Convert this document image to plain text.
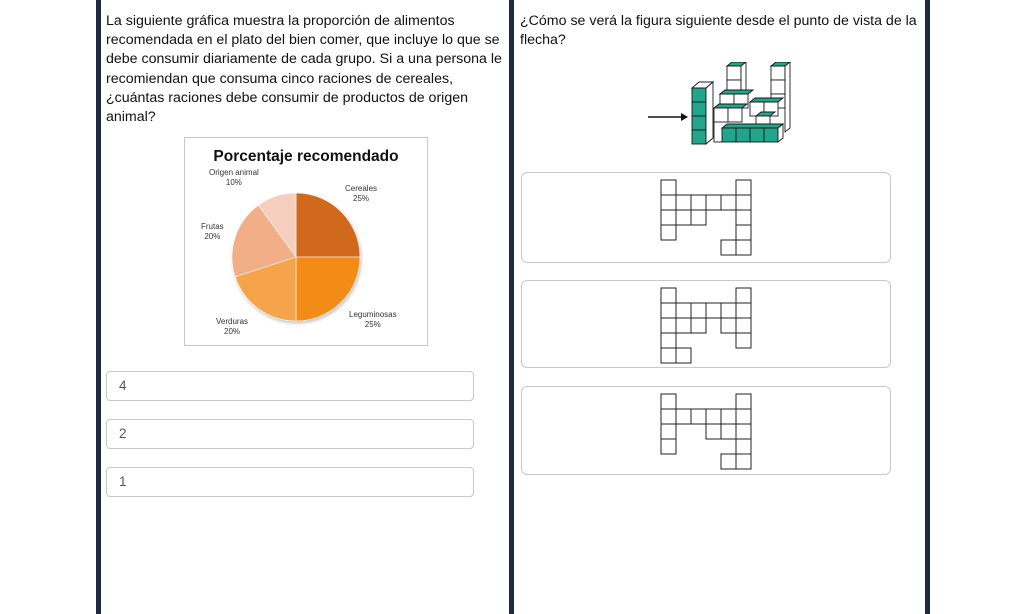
La siguiente gráfica muestra la proporción de alimentos

recomendada en el plato del bien comer, que incluye lo que se

debe consumir diariamente de cada grupo. Si a una persona le

recomiendan que consuma cinco raciones de cereales,

¿cuántas raciones debe consumir de productos de origen

animal?

Porcentaje recomendado

Origen animal
10%
Cereales
25%
Frutas
20%
Leguminosas
25%
Verduras
20%
4
2
1

¿Cómo se verá la figura siguiente desde el punto de vista de la

flecha?
